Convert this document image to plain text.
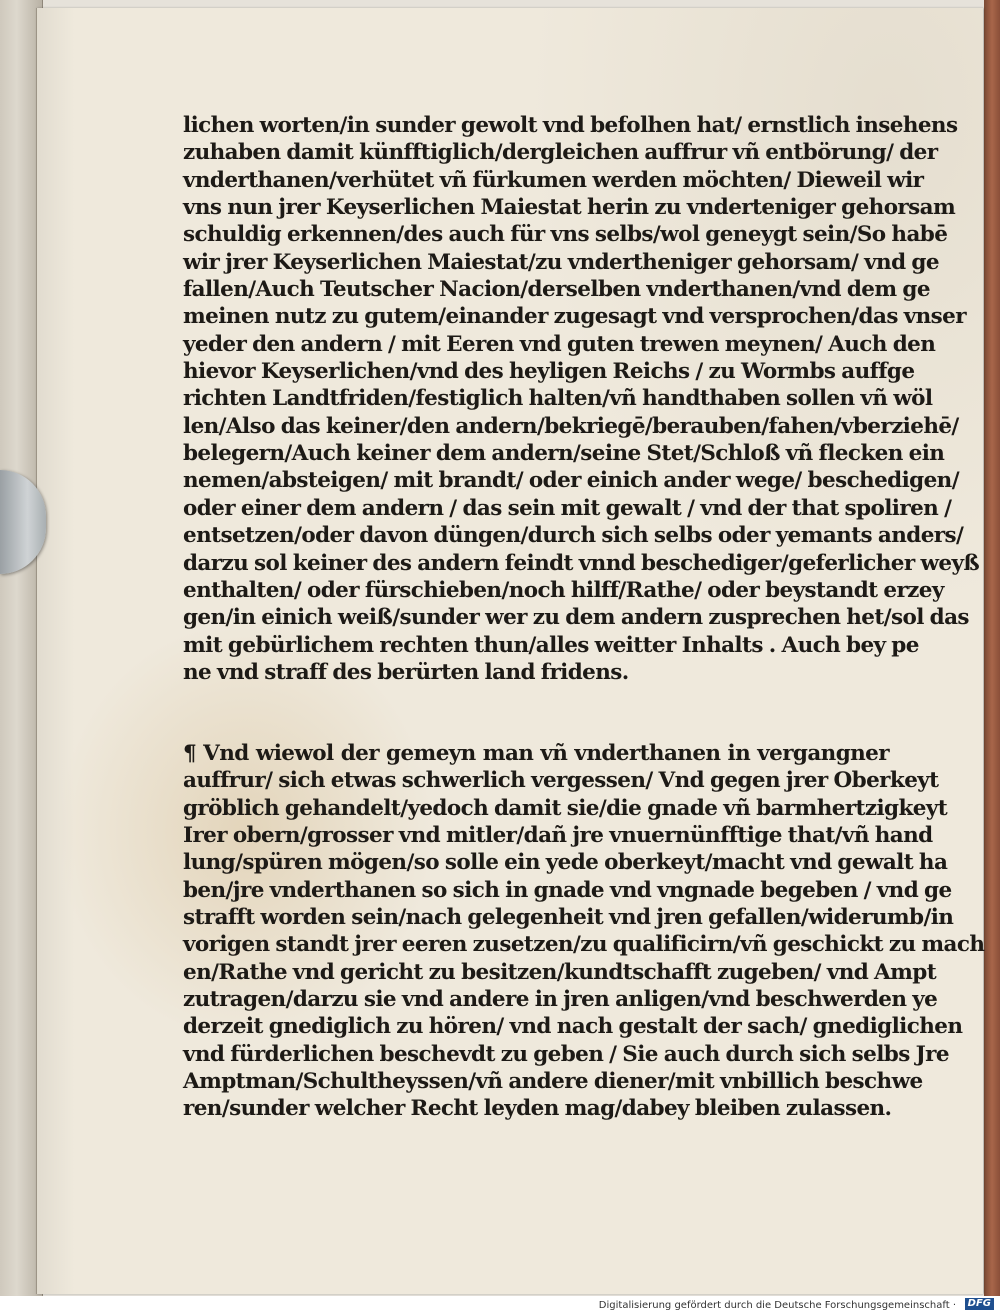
lichen worten/in sunder gewolt vnd befolhen hat/ ernstlich insehens
zuhaben damit künfftiglich/dergleichen auffrur vñ entbörung/ der
vnderthanen/verhütet vñ fürkumen werden möchten/ Dieweil wir
vns nun jrer Keyserlichen Maiestat herin zu vnderteniger gehorsam
schuldig erkennen/des auch für vns selbs/wol geneygt sein/So habē
wir jrer Keyserlichen Maiestat/zu vndertheniger gehorsam/ vnd ge
fallen/Auch Teutscher Nacion/derselben vnderthanen/vnd dem ge
meinen nutz zu gutem/einander zugesagt vnd versprochen/das vnser
yeder den andern / mit Eeren vnd guten trewen meynen/ Auch den
hievor Keyserlichen/vnd des heyligen Reichs / zu Wormbs auffge
richten Landtfriden/festiglich halten/vñ handthaben sollen vñ wöl
len/Also das keiner/den andern/bekriegē/berauben/fahen/vberziehē/
belegern/Auch keiner dem andern/seine Stet/Schloß vñ flecken ein
nemen/absteigen/ mit brandt/ oder einich ander wege/ beschedigen/
oder einer dem andern / das sein mit gewalt / vnd der that spoliren /
entsetzen/oder davon düngen/durch sich selbs oder yemants anders/
darzu sol keiner des andern feindt vnnd beschediger/geferlicher weyß
enthalten/ oder fürschieben/noch hilff/Rathe/ oder beystandt erzey
gen/in einich weiß/sunder wer zu dem andern zusprechen het/sol das
mit gebürlichem rechten thun/alles weitter Inhalts . Auch bey pe
ne vnd straff des berürten land fridens.
¶ Vnd wiewol der gemeyn man vñ vnderthanen in vergangner
auffrur/ sich etwas schwerlich vergessen/ Vnd gegen jrer Oberkeyt
gröblich gehandelt/yedoch damit sie/die gnade vñ barmhertzigkeyt
Irer obern/grosser vnd mitler/dañ jre vnuernünfftige that/vñ hand
lung/spüren mögen/so solle ein yede oberkeyt/macht vnd gewalt ha
ben/jre vnderthanen so sich in gnade vnd vngnade begeben / vnd ge
strafft worden sein/nach gelegenheit vnd jren gefallen/widerumb/in
vorigen standt jrer eeren zusetzen/zu qualificirn/vñ geschickt zu mach
en/Rathe vnd gericht zu besitzen/kundtschafft zugeben/ vnd Ampt
zutragen/darzu sie vnd andere in jren anligen/vnd beschwerden ye
derzeit gnediglich zu hören/ vnd nach gestalt der sach/ gnediglichen
vnd fürderlichen beschevdt zu geben / Sie auch durch sich selbs Jre
Amptman/Schultheyssen/vñ andere diener/mit vnbillich beschwe
ren/sunder welcher Recht leyden mag/dabey bleiben zulassen.
Digitalisierung gefördert durch die Deutsche Forschungsgemeinschaft ·	DFG
